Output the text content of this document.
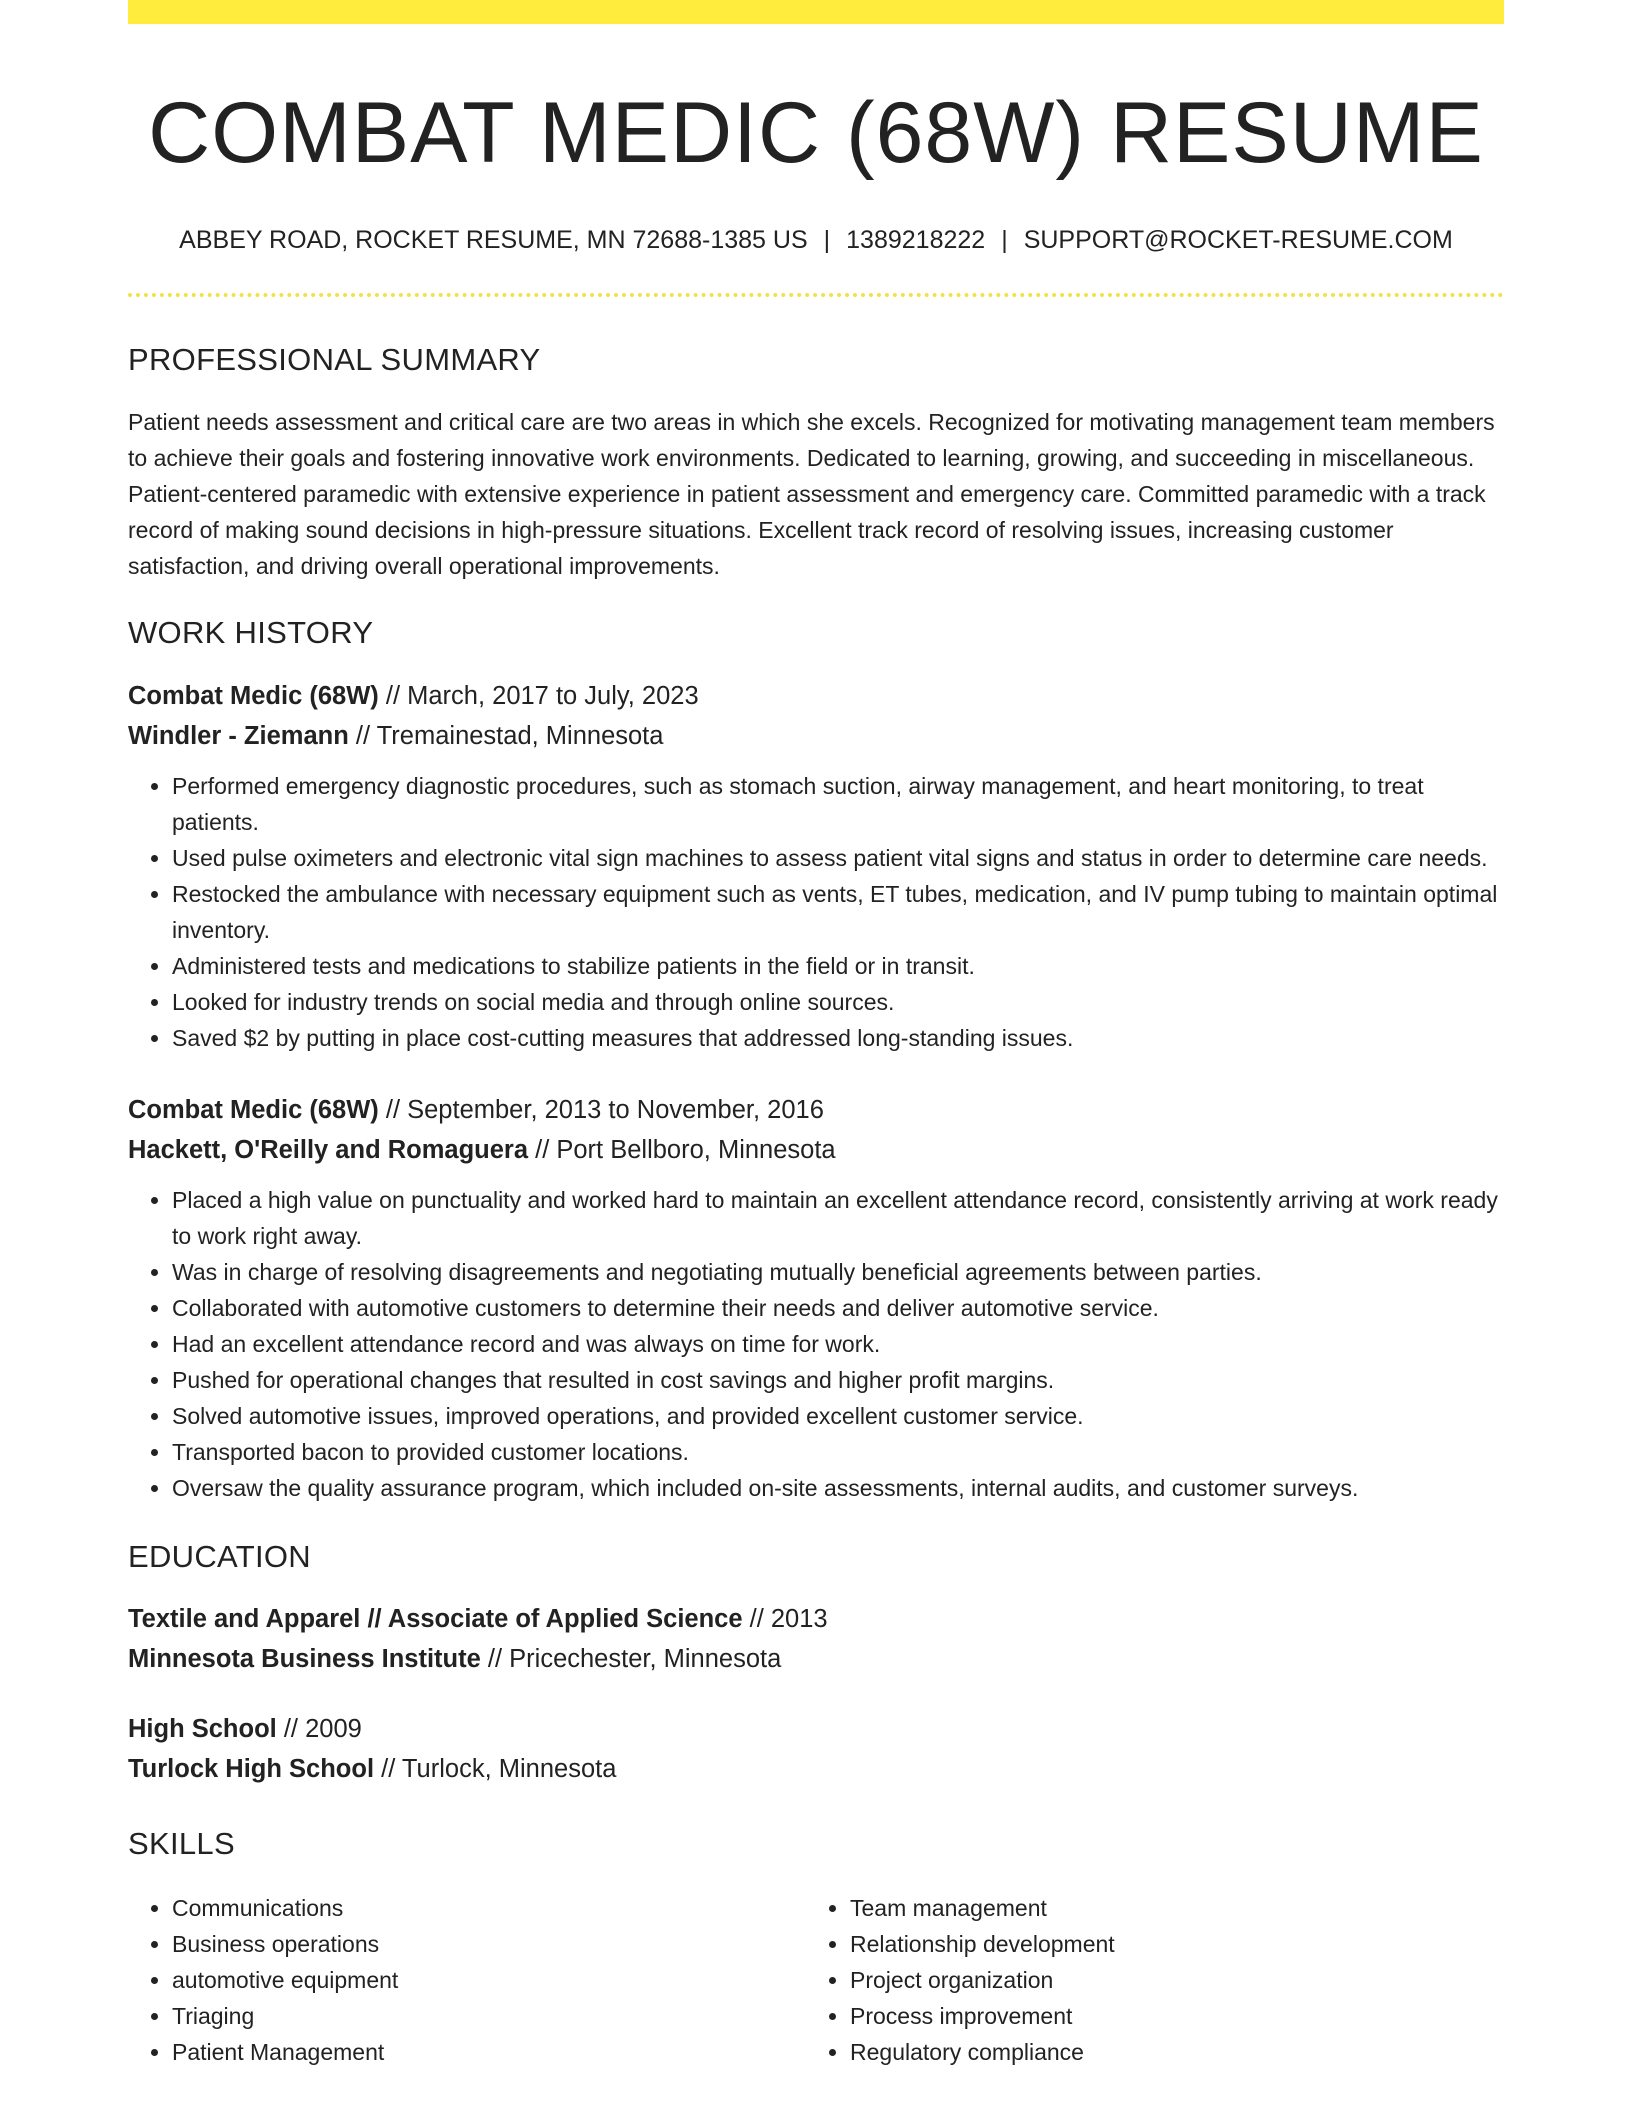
COMBAT MEDIC (68W) RESUME
ABBEY ROAD, ROCKET RESUME, MN 72688-1385 US | 1389218222 | SUPPORT@ROCKET-RESUME.COM
PROFESSIONAL SUMMARY

Patient needs assessment and critical care are two areas in which she excels. Recognized for motivating management team members to achieve their goals and fostering innovative work environments. Dedicated to learning, growing, and succeeding in miscellaneous. Patient-centered paramedic with extensive experience in patient assessment and emergency care. Committed paramedic with a track record of making sound decisions in high-pressure situations. Excellent track record of resolving issues, increasing customer satisfaction, and driving overall operational improvements.

WORK HISTORY
Combat Medic (68W) // March, 2017 to July, 2023
Windler - Ziemann // Tremainestad, Minnesota
• Performed emergency diagnostic procedures, such as stomach suction, airway management, and heart monitoring, to treat patients.
• Used pulse oximeters and electronic vital sign machines to assess patient vital signs and status in order to determine care needs.
• Restocked the ambulance with necessary equipment such as vents, ET tubes, medication, and IV pump tubing to maintain optimal inventory.
• Administered tests and medications to stabilize patients in the field or in transit.
• Looked for industry trends on social media and through online sources.
• Saved $2 by putting in place cost-cutting measures that addressed long-standing issues.
Combat Medic (68W) // September, 2013 to November, 2016
Hackett, O'Reilly and Romaguera // Port Bellboro, Minnesota
• Placed a high value on punctuality and worked hard to maintain an excellent attendance record, consistently arriving at work ready to work right away.
• Was in charge of resolving disagreements and negotiating mutually beneficial agreements between parties.
• Collaborated with automotive customers to determine their needs and deliver automotive service.
• Had an excellent attendance record and was always on time for work.
• Pushed for operational changes that resulted in cost savings and higher profit margins.
• Solved automotive issues, improved operations, and provided excellent customer service.
• Transported bacon to provided customer locations.
• Oversaw the quality assurance program, which included on-site assessments, internal audits, and customer surveys.
EDUCATION
Textile and Apparel // Associate of Applied Science // 2013
Minnesota Business Institute // Pricechester, Minnesota
High School // 2009
Turlock High School // Turlock, Minnesota
SKILLS
• Communications
• Business operations
• automotive equipment
• Triaging
• Patient Management
• Team management
• Relationship development
• Project organization
• Process improvement
• Regulatory compliance
